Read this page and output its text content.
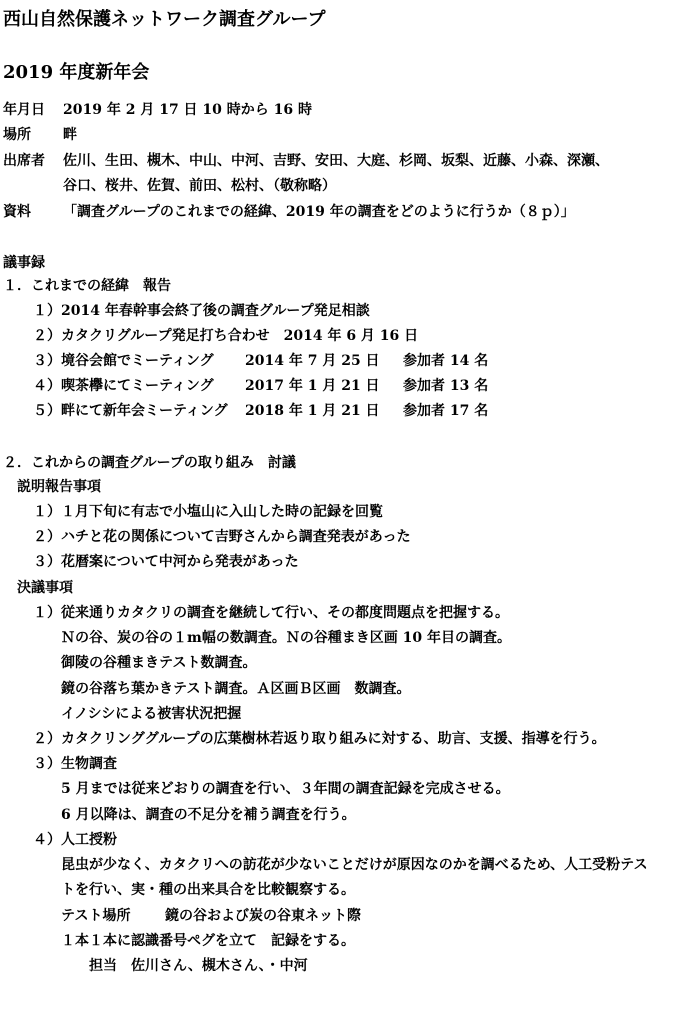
西山自然保護ネットワーク調査グループ
2019 年度新年会
年月日 2019 年 2 月 17 日 10 時から 16 時
場所 畔
出席者 佐川、生田、槻木、中山、中河、吉野、安田、大庭、杉岡、坂梨、近藤、小森、深瀬、
谷口、桜井、佐賀、前田、松村、（敬称略）
資料 「調査グループのこれまでの経緯、2019 年の調査をどのように行うか（８ｐ）」
議事録
１．これまでの経緯　報告
１）2014 年春幹事会終了後の調査グループ発足相談
２）カタクリグループ発足打ち合わせ 2014 年 6 月 16 日
３）境谷会館でミーティング 2014 年 7 月 25 日 参加者 14 名
４）喫茶欅にてミーティング 2017 年 1 月 21 日 参加者 13 名
５）畔にて新年会ミーティング 2018 年 1 月 21 日 参加者 17 名
２．これからの調査グループの取り組み　討議
説明報告事項
１）１月下旬に有志で小塩山に入山した時の記録を回覧
２）ハチと花の関係について吉野さんから調査発表があった
３）花暦案について中河から発表があった
決議事項
１）従来通りカタクリの調査を継続して行い、その都度問題点を把握する。
Ｎの谷、炭の谷の１m幅の数調査。Ｎの谷種まき区画 10 年目の調査。
御陵の谷種まきテスト数調査。
鏡の谷落ち葉かきテスト調査。Ａ区画Ｂ区画　数調査。
イノシシによる被害状況把握
２）カタクリンググループの広葉樹林若返り取り組みに対する、助言、支援、指導を行う。
３）生物調査
5 月までは従来どおりの調査を行い、３年間の調査記録を完成させる。
6 月以降は、調査の不足分を補う調査を行う。
４）人工授粉
昆虫が少なく、カタクリへの訪花が少ないことだけが原因なのかを調べるため、人工受粉テス
トを行い、実・種の出来具合を比較観察する。
テスト場所 鏡の谷および炭の谷東ネット際
１本１本に認識番号ペグを立て　記録をする。
担当 佐川さん、槻木さん、・中河
